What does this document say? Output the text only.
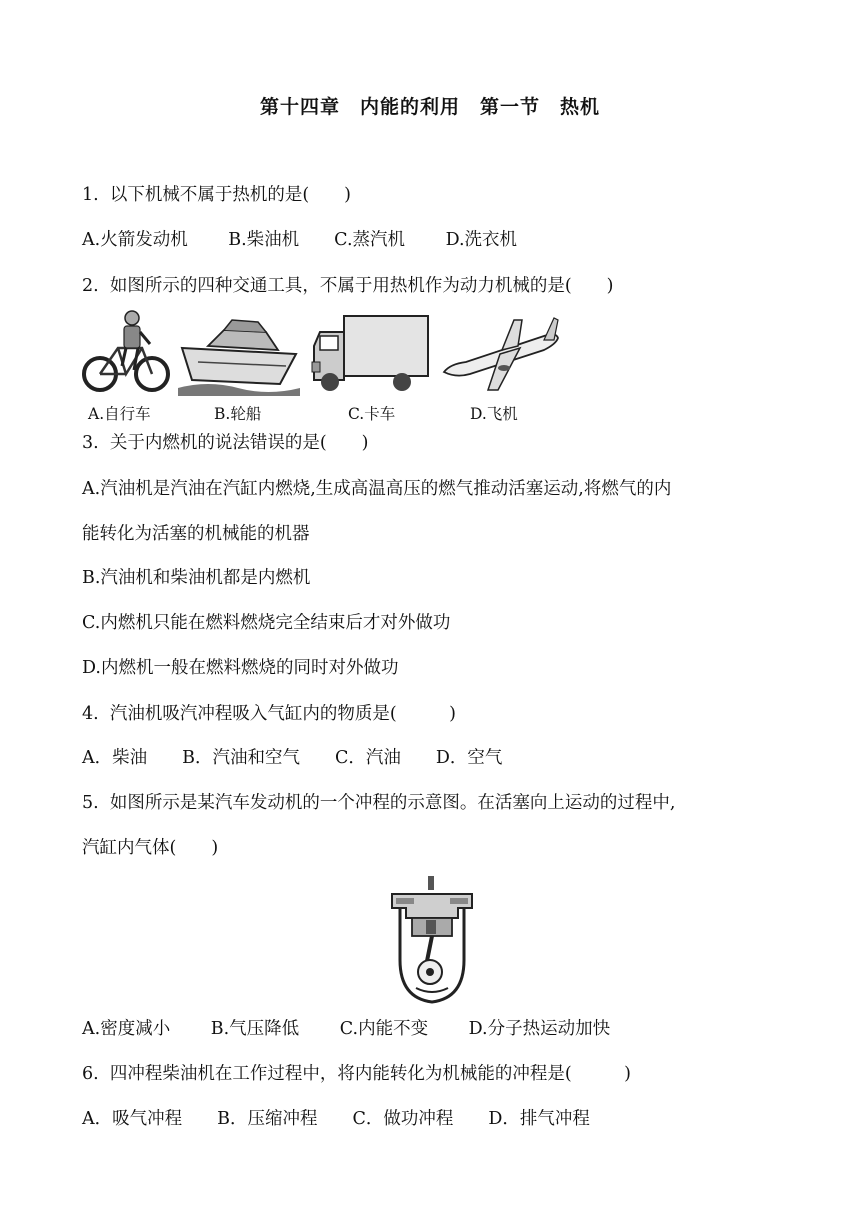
第十四章　内能的利用　第一节　热机
1.  以下机械不属于热机的是(　　)
A.火箭发动机　　 B.柴油机　　C.蒸汽机　　 D.洗衣机
2.  如图所示的四种交通工具，不属于用热机作为动力机械的是(　　)
A.自行车	B.轮船	C.卡车	D.飞机
3.  关于内燃机的说法错误的是(　　)
A.汽油机是汽油在汽缸内燃烧,生成高温高压的燃气推动活塞运动,将燃气的内
能转化为活塞的机械能的机器
B.汽油机和柴油机都是内燃机
C.内燃机只能在燃料燃烧完全结束后才对外做功
D.内燃机一般在燃料燃烧的同时对外做功
4.  汽油机吸汽冲程吸入气缸内的物质是(　　　)
A．柴油　　B．汽油和空气　　C．汽油　　D．空气
5.  如图所示是某汽车发动机的一个冲程的示意图。在活塞向上运动的过程中,
汽缸内气体(　　)
A.密度减小　　 B.气压降低　　 C.内能不变　　 D.分子热运动加快
6.  四冲程柴油机在工作过程中，将内能转化为机械能的冲程是(　　　)
A．吸气冲程　　B．压缩冲程　　C．做功冲程　　D．排气冲程
